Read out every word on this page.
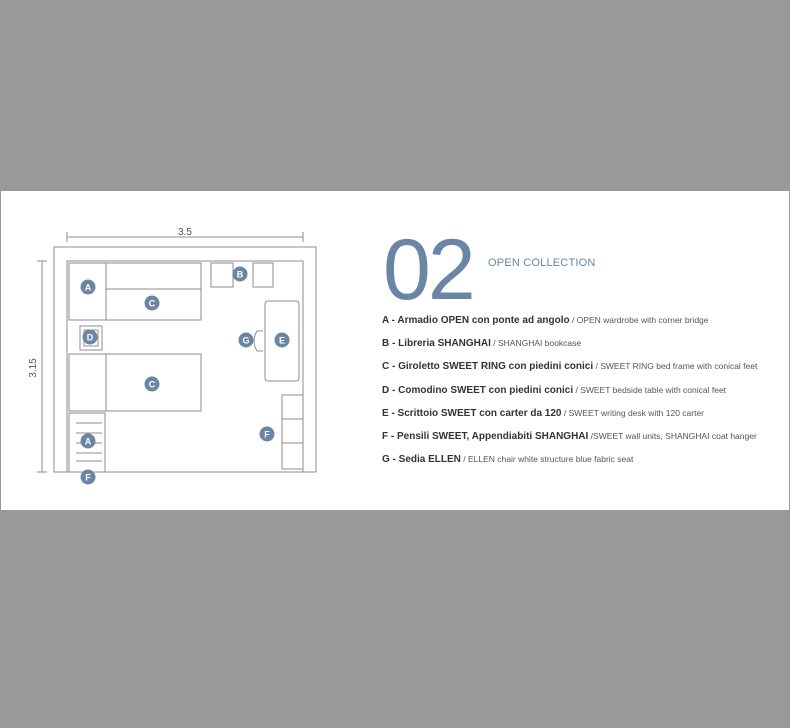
3.5
3.15
A
B
C
D	G	E
C
F
A
F
02 OPEN COLLECTION
A - Armadio OPEN con ponte ad angolo / OPEN wardrobe with corner bridge
B - Libreria SHANGHAI / SHANGHAI bookcase
C - Giroletto SWEET RING con piedini conici / SWEET RING bed frame with conical feet
D - Comodino SWEET con piedini conici / SWEET bedside table with conical feet
E - Scrittoio SWEET con carter da 120 / SWEET writing desk with 120 carter
F - Pensili SWEET, Appendiabiti SHANGHAI /SWEET wall units, SHANGHAI coat hanger
G - Sedia ELLEN / ELLEN chair white structure blue fabric seat
